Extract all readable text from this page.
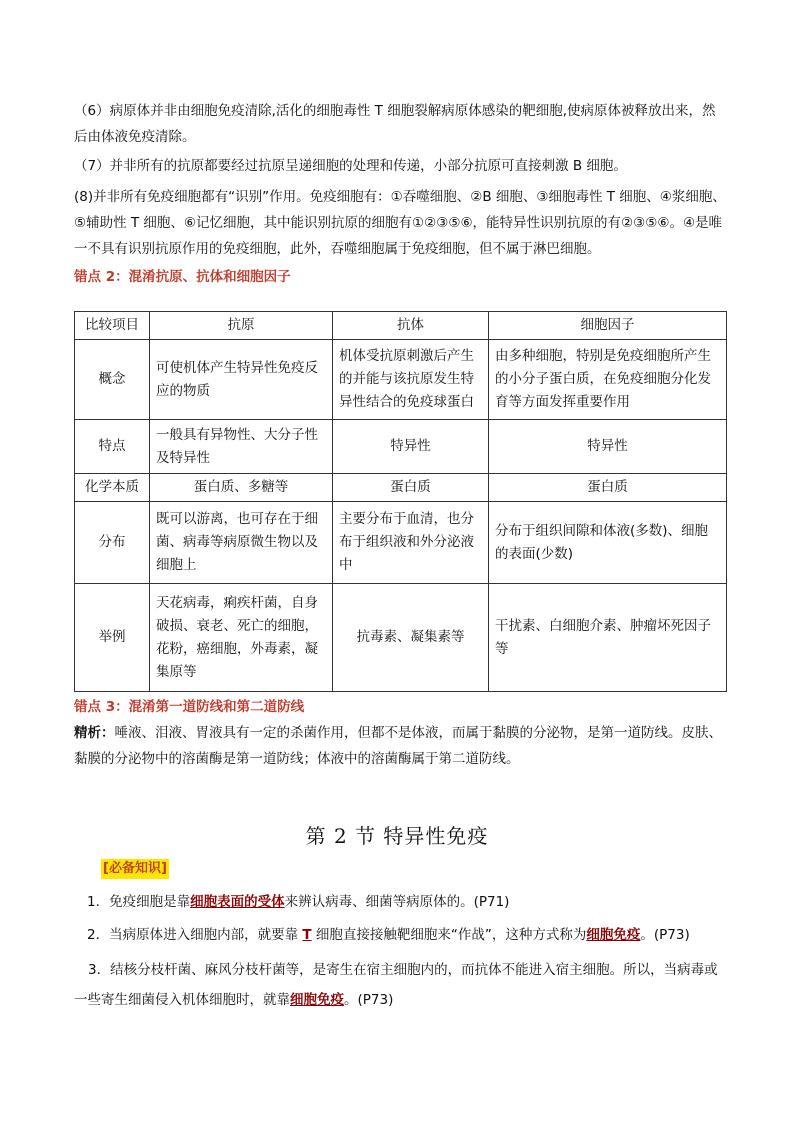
（6）病原体并非由细胞免疫清除,活化的细胞毒性 T 细胞裂解病原体感染的靶细胞,使病原体被释放出来，然后由体液免疫清除。
（7）并非所有的抗原都要经过抗原呈递细胞的处理和传递，小部分抗原可直接刺激 B 细胞。
(8)并非所有免疫细胞都有“识别”作用。免疫细胞有：①吞噬细胞、②B 细胞、③细胞毒性 T 细胞、④浆细胞、⑤辅助性 T 细胞、⑥记忆细胞，其中能识别抗原的细胞有①②③⑤⑥，能特异性识别抗原的有②③⑤⑥。④是唯一不具有识别抗原作用的免疫细胞，此外，吞噬细胞属于免疫细胞，但不属于淋巴细胞。
错点 2：混淆抗原、抗体和细胞因子
比较项目	抗原	抗体	细胞因子
概念	可使机体产生特异性免疫反应的物质	机体受抗原刺激后产生的并能与该抗原发生特异性结合的免疫球蛋白	由多种细胞，特别是免疫细胞所产生的小分子蛋白质，在免疫细胞分化发育等方面发挥重要作用
特点	一般具有异物性、大分子性及特异性	特异性	特异性
化学本质	蛋白质、多糖等	蛋白质	蛋白质
分布	既可以游离，也可存在于细菌、病毒等病原微生物以及细胞上	主要分布于血清，也分布于组织液和外分泌液中	分布于组织间隙和体液(多数)、细胞的表面(少数)
举例	天花病毒，痢疾杆菌，自身破损、衰老、死亡的细胞，花粉，癌细胞，外毒素，凝集原等	抗毒素、凝集素等	干扰素、白细胞介素、肿瘤坏死因子等
错点 3：混淆第一道防线和第二道防线
精析：唾液、泪液、胃液具有一定的杀菌作用，但都不是体液，而属于黏膜的分泌物，是第一道防线。皮肤、黏膜的分泌物中的溶菌酶是第一道防线；体液中的溶菌酶属于第二道防线。
第 2 节 特异性免疫
[必备知识]
1．免疫细胞是靠细胞表面的受体来辨认病毒、细菌等病原体的。(P71)
2．当病原体进入细胞内部，就要靠 T 细胞直接接触靶细胞来“作战”，这种方式称为细胞免疫。(P73)
3．结核分枝杆菌、麻风分枝杆菌等，是寄生在宿主细胞内的，而抗体不能进入宿主细胞。所以，当病毒或一些寄生细菌侵入机体细胞时，就靠细胞免疫。(P73)
